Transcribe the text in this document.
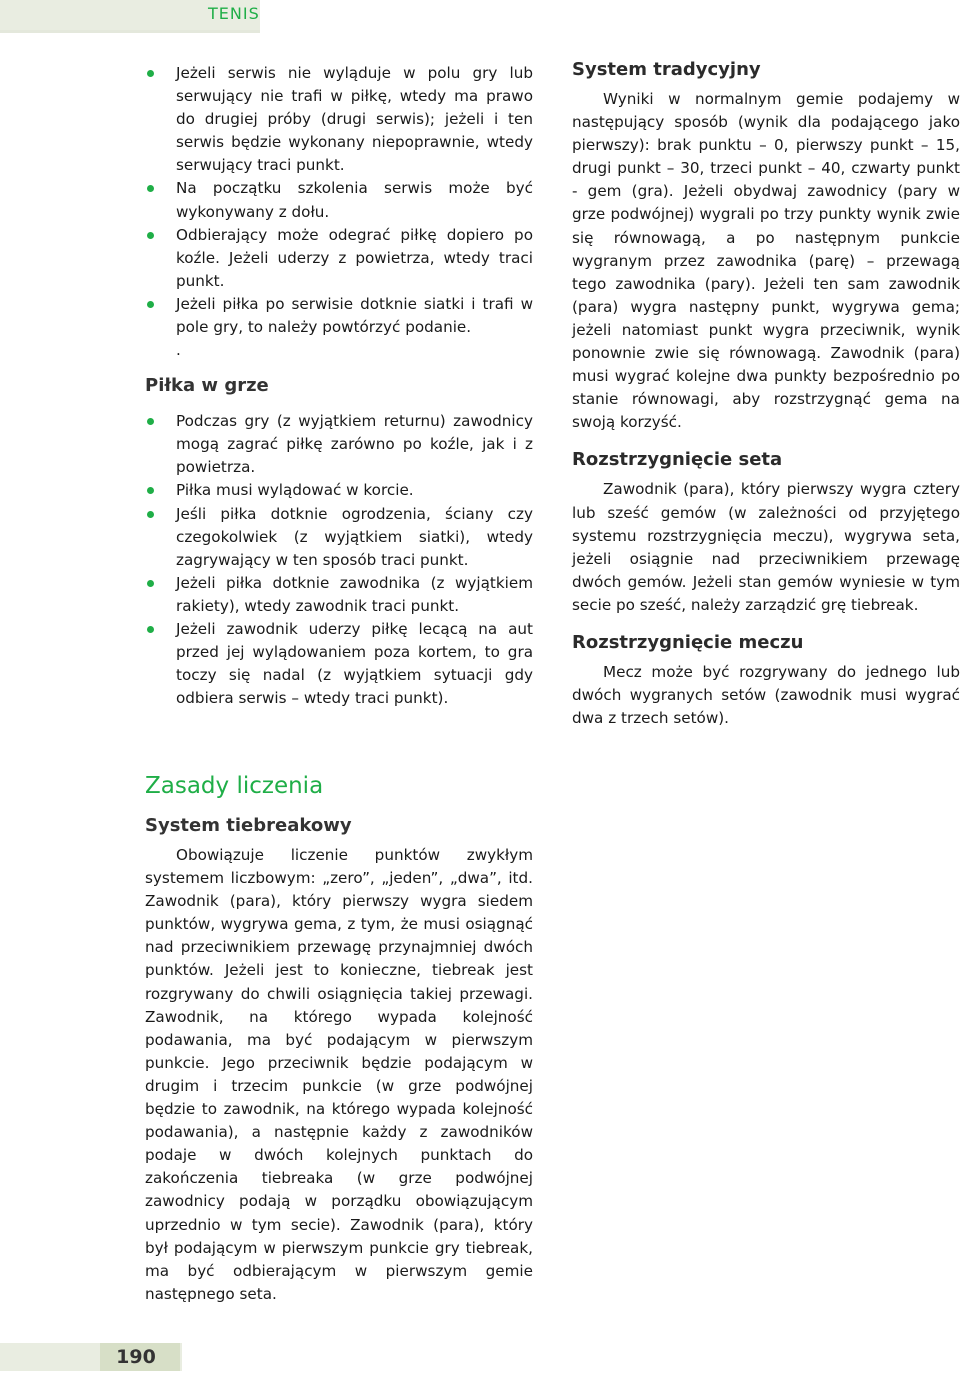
TENIS
Jeżeli serwis nie wyląduje w polu gry lub serwujący nie trafi w piłkę, wtedy ma prawo do drugiej próby (drugi serwis); jeżeli i ten serwis będzie wykonany niepoprawnie, wtedy serwujący traci punkt.
Na początku szkolenia serwis może być wykonywany z dołu.
Odbierający może odegrać piłkę dopiero po koźle. Jeżeli uderzy z powietrza, wtedy traci punkt.
Jeżeli piłka po serwisie dotknie siatki i trafi w pole gry, to należy powtórzyć podanie.
.
Piłka w grze
Podczas gry (z wyjątkiem returnu) zawodnicy mogą zagrać piłkę zarówno po koźle, jak i z powietrza.
Piłka musi wylądować w korcie.
Jeśli piłka dotknie ogrodzenia, ściany czy czegokolwiek (z wyjątkiem siatki), wtedy zagrywający w ten sposób traci punkt.
Jeżeli piłka dotknie zawodnika (z wyjątkiem rakiety), wtedy zawodnik traci punkt.
Jeżeli zawodnik uderzy piłkę lecącą na aut przed jej wylądowaniem poza kortem, to gra toczy się nadal (z wyjątkiem sytuacji gdy odbiera serwis – wtedy traci punkt).
System tradycyjny

Wyniki w normalnym gemie podajemy w następujący sposób (wynik dla podającego jako pierwszy): brak punktu – 0, pierwszy punkt – 15, drugi punkt – 30, trzeci punkt – 40, czwarty punkt - gem (gra). Jeżeli obydwaj zawodnicy (pary w grze podwójnej) wygrali po trzy punkty wynik zwie się równowagą, a po następnym punkcie wygranym przez zawodnika (parę) – przewagą tego zawodnika (pary). Jeżeli ten sam zawodnik (para) wygra następny punkt, wygrywa gema; jeżeli natomiast punkt wygra przeciwnik, wynik ponownie zwie się równowagą. Zawodnik (para) musi wygrać kolejne dwa punkty bezpośrednio po stanie równowagi, aby rozstrzygnąć gema na swoją korzyść.

Rozstrzygnięcie seta

Zawodnik (para), który pierwszy wygra cztery lub sześć gemów (w zależności od przyjętego systemu rozstrzygnięcia meczu), wygrywa seta, jeżeli osiągnie nad przeciwnikiem przewagę dwóch gemów. Jeżeli stan gemów wyniesie w tym secie po sześć, należy zarządzić grę tiebreak.

Rozstrzygnięcie meczu

Mecz może być rozgrywany do jednego lub dwóch wygranych setów (zawodnik musi wygrać dwa z trzech setów).

Zasady liczenia
System tiebreakowy

Obowiązuje liczenie punktów zwykłym systemem liczbowym: „zero”, „jeden”, „dwa”, itd. Zawodnik (para), który pierwszy wygra siedem punktów, wygrywa gema, z tym, że musi osiągnąć nad przeciwnikiem przewagę przynajmniej dwóch punktów. Jeżeli jest to konieczne, tiebreak jest rozgrywany do chwili osiągnięcia takiej przewagi. Zawodnik, na którego wypada kolejność podawania, ma być podającym w pierwszym punkcie. Jego przeciwnik będzie podającym w drugim i trzecim punkcie (w grze podwójnej będzie to zawodnik, na którego wypada kolejność podawania), a następnie każdy z zawodników podaje w dwóch kolejnych punktach do zakończenia tiebreaka (w grze podwójnej zawodnicy podają w porządku obowiązującym uprzednio w tym secie). Zawodnik (para), który był podającym w pierwszym punkcie gry tiebreak, ma być odbierającym w pierwszym gemie następnego seta.

190
